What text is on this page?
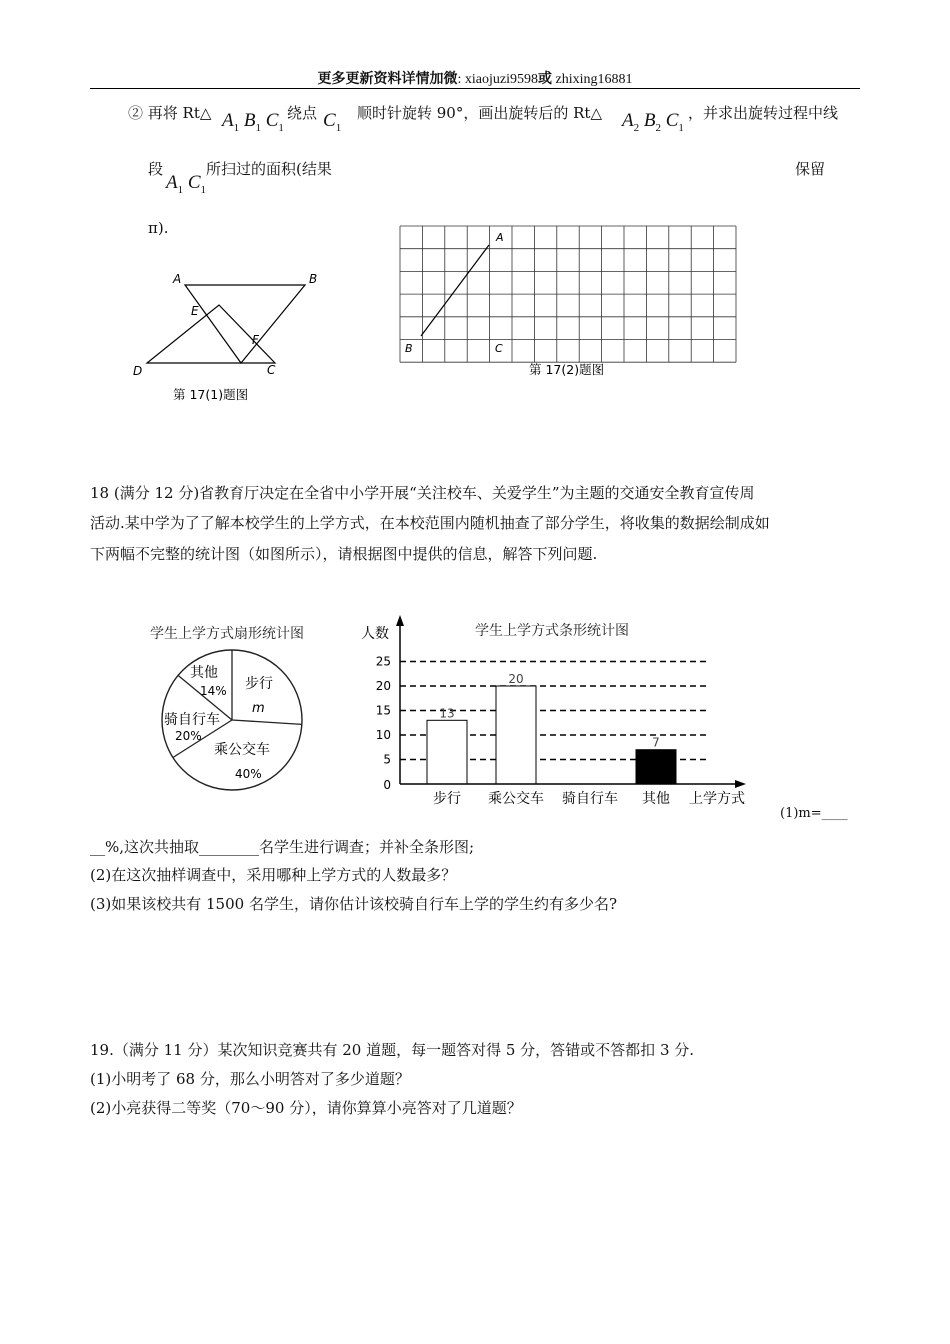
更多更新资料详情加微: xiaojuzi9598或 zhixing16881
② 再将 Rt△ $A_1$ $B_1$ $C_1$
绕点 $C_1$
顺时针旋转 90°，画出旋转后的 Rt△ $A_2$ $B_2$ $C_1$
，并求出旋转过程中线
段
$A_1$ $C_1$
所扫过的面积(结果	保留
π).
A	B
C
D
E
F
第 17(1)题图
A
B	C
第 17(2)题图
18 (满分 12 分)省教育厅决定在全省中小学开展“关注校车、关爱学生”为主题的交通安全教育宣传周
活动.某中学为了了解本校学生的上学方式，在本校范围内随机抽查了部分学生，将收集的数据绘制成如
下两幅不完整的统计图（如图所示），请根据图中提供的信息，解答下列问题.
学生上学方式扇形统计图
步行
m
乘公交车
40%
骑自行车
20%
其他
14%
学生上学方式条形统计图
人数
0
5
10
15
20
25
13
20
7
步行 乘公交车 骑自行车 其他 上学方式
(1)m=____
__%,这次共抽取________名学生进行调查；并补全条形图;
(2)在这次抽样调查中，采用哪种上学方式的人数最多？
(3)如果该校共有 1500 名学生，请你估计该校骑自行车上学的学生约有多少名?
19.（满分 11 分）某次知识竞赛共有 20 道题，每一题答对得 5 分，答错或不答都扣 3 分.
(1)小明考了 68 分，那么小明答对了多少道题？
(2)小亮获得二等奖（70～90 分），请你算算小亮答对了几道题？
